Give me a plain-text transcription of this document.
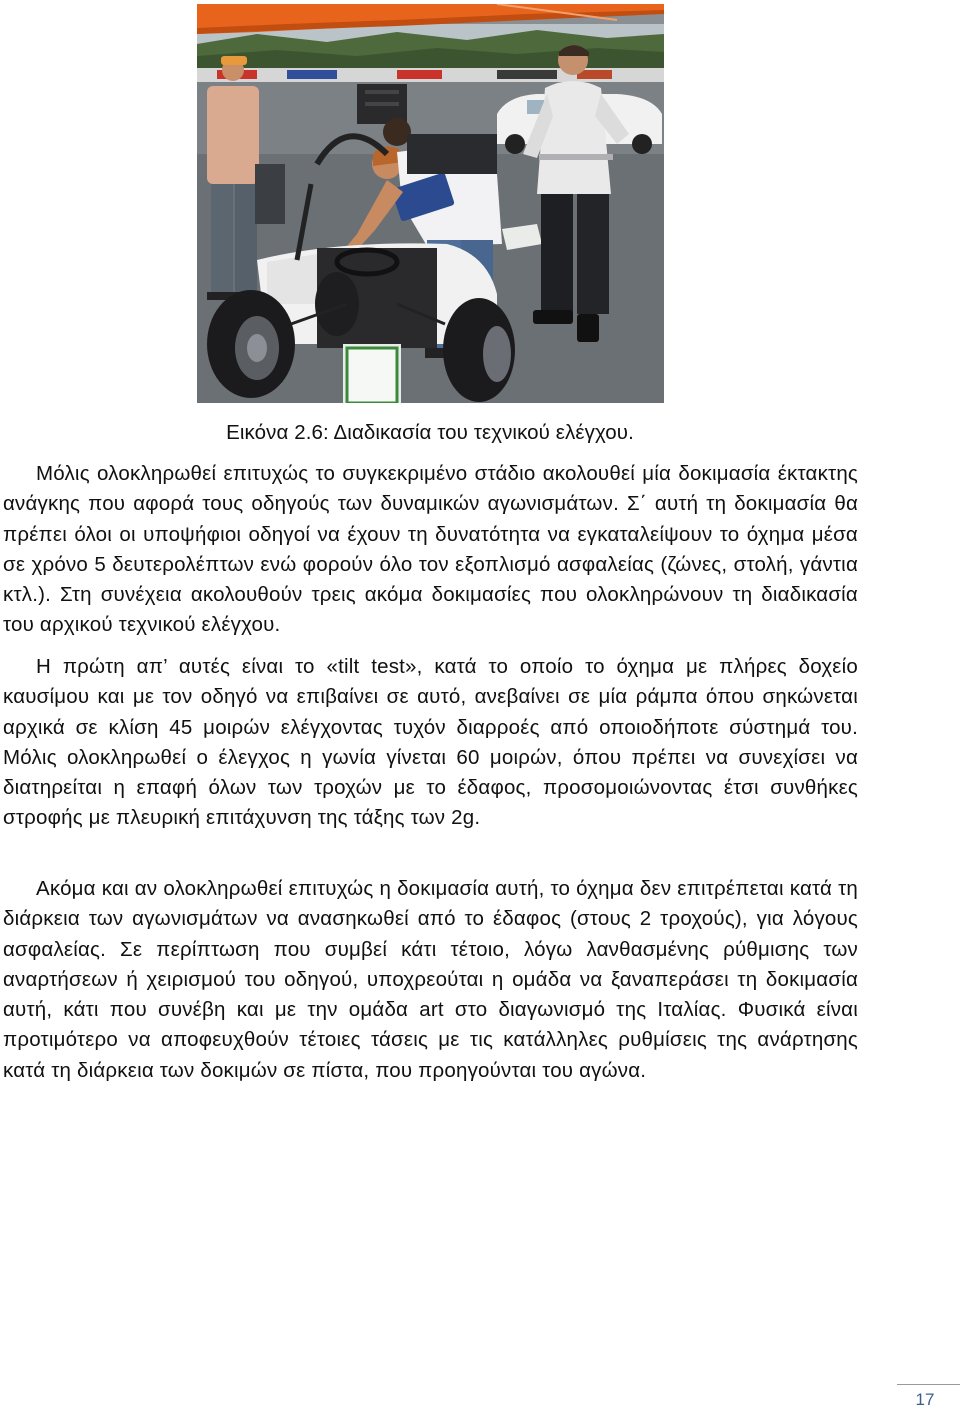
Εικόνα 2.6: Διαδικασία του τεχνικού ελέγχου.

Μόλις ολοκληρωθεί επιτυχώς το συγκεκριμένο στάδιο ακολουθεί μία δοκιμασία έκτακτης ανάγκης που αφορά τους οδηγούς των δυναμικών αγωνισμάτων. Σ΄ αυτή τη δοκιμασία θα πρέπει όλοι οι υποψήφιοι οδηγοί να έχουν τη δυνατότητα να εγκαταλείψουν το όχημα μέσα σε χρόνο 5 δευτερολέπτων ενώ φορούν όλο τον εξοπλισμό ασφαλείας (ζώνες, στολή, γάντια κτλ.). Στη συνέχεια ακολουθούν τρεις ακόμα δοκιμασίες που ολοκληρώνουν τη διαδικασία του αρχικού τεχνικού ελέγχου.

Η πρώτη απ’ αυτές είναι το «tilt test», κατά το οποίο το όχημα με πλήρες δοχείο καυσίμου και με τον οδηγό να επιβαίνει σε αυτό, ανεβαίνει σε μία ράμπα όπου σηκώνεται αρχικά σε κλίση 45 μοιρών ελέγχοντας τυχόν διαρροές από οποιοδήποτε σύστημά του. Μόλις ολοκληρωθεί ο έλεγχος η γωνία γίνεται 60 μοιρών, όπου πρέπει να συνεχίσει να διατηρείται η επαφή όλων των τροχών με το έδαφος, προσομοιώνοντας έτσι συνθήκες στροφής με πλευρική επιτάχυνση της τάξης των 2g.

Ακόμα και αν ολοκληρωθεί επιτυχώς η δοκιμασία αυτή, το όχημα δεν επιτρέπεται κατά τη διάρκεια των αγωνισμάτων να ανασηκωθεί από το έδαφος (στους 2 τροχούς), για λόγους ασφαλείας. Σε περίπτωση που συμβεί κάτι τέτοιο, λόγω λανθασμένης ρύθμισης των αναρτήσεων ή χειρισμού του οδηγού, υποχρεούται η ομάδα να ξαναπεράσει τη δοκιμασία αυτή, κάτι που συνέβη και με την ομάδα art στο διαγωνισμό της Ιταλίας. Φυσικά είναι προτιμότερο να αποφευχθούν τέτοιες τάσεις με τις κατάλληλες ρυθμίσεις της ανάρτησης κατά τη διάρκεια των δοκιμών σε πίστα, που προηγούνται του αγώνα.

17
